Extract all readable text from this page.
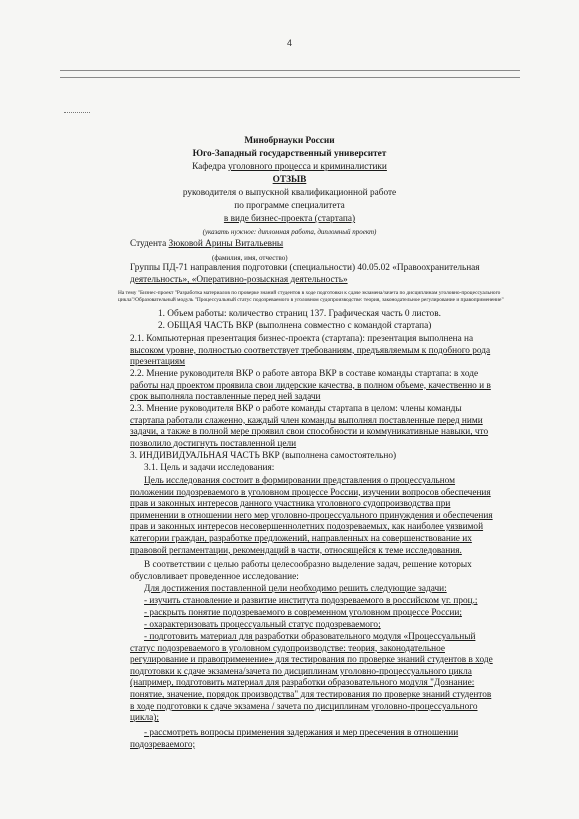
4
Минобрнауки России
Юго-Западный государственный университет
Кафедра уголовного процесса и криминалистики
ОТЗЫВ
руководителя о выпускной квалификационной работе
по программе специалитета
в виде бизнес-проекта (стартапа)
(указать нужное: дипломная работа, дипломный проект)
Студента Зюковой Арины Витальевны
(фамилия, имя, отчество)
Группы ПД-71 направления подготовки (специальности) 40.05.02 «Правоохранительная
деятельность», «Оперативно-розыскная деятельность»
На тему "Бизнес-проект "Разработка материалов по проверке знаний студентов в ходе подготовки к сдаче экзамена/зачета по дисциплинам уголовно-процессуального
цикла"/Образовательный модуль "Процессуальный статус подозреваемого в уголовном судопроизводстве: теория, законодательное регулирование и правоприменение"
1. Объем работы: количество страниц 137. Графическая часть 0 листов.
2. ОБЩАЯ ЧАСТЬ ВКР (выполнена совместно с командой стартапа)
2.1. Компьютерная презентация бизнес-проекта (стартапа): презентация выполнена на
высоком уровне, полностью соответствует требованиям, предъявляемым к подобного рода
презентациям
2.2. Мнение руководителя ВКР о работе автора ВКР в составе команды стартапа: в ходе
работы над проектом проявила свои лидерские качества, в полном объеме, качественно и в
срок выполняла поставленные перед ней задачи
2.3. Мнение руководителя ВКР о работе команды стартапа в целом: члены команды
стартапа работали слаженно, каждый член команды выполнял поставленные перед ними
задачи, а также в полной мере проявил свои способности и коммуникативные навыки, что
позволило достигнуть поставленной цели
3. ИНДИВИДУАЛЬНАЯ ЧАСТЬ ВКР (выполнена самостоятельно)
3.1. Цель и задачи исследования:
Цель исследования состоит в формировании представления о процессуальном
положении подозреваемого в уголовном процессе России, изучении вопросов обеспечения
прав и законных интересов данного участника уголовного судопроизводства при
применении в отношении него мер уголовно-процессуального принуждения и обеспечения
прав и законных интересов несовершеннолетних подозреваемых, как наиболее уязвимой
категории граждан, разработке предложений, направленных на совершенствование их
правовой регламентации, рекомендаций в части, относящейся к теме исследования.
В соответствии с целью работы целесообразно выделение задач, решение которых
обусловливает проведенное исследование:
Для достижения поставленной цели необходимо решить следующие задачи:
- изучить становление и развитие института подозреваемого в российском уг. проц.;
- раскрыть понятие подозреваемого в современном уголовном процессе России;
- охарактеризовать процессуальный статус подозреваемого;
- подготовить материал для разработки образовательного модуля «Процессуальный
статус подозреваемого в уголовном судопроизводстве: теория, законодательное
регулирование и правоприменение» для тестирования по проверке знаний студентов в ходе
подготовки к сдаче экзамена/зачета по дисциплинам уголовно-процессуального цикла
(например, подготовить материал для разработки образовательного модуля "Дознание:
понятие, значение, порядок производства" для тестирования по проверке знаний студентов
в ходе подготовки к сдаче экзамена / зачета по дисциплинам уголовно-процессуального
цикла);
- рассмотреть вопросы применения задержания и мер пресечения в отношении
подозреваемого;
